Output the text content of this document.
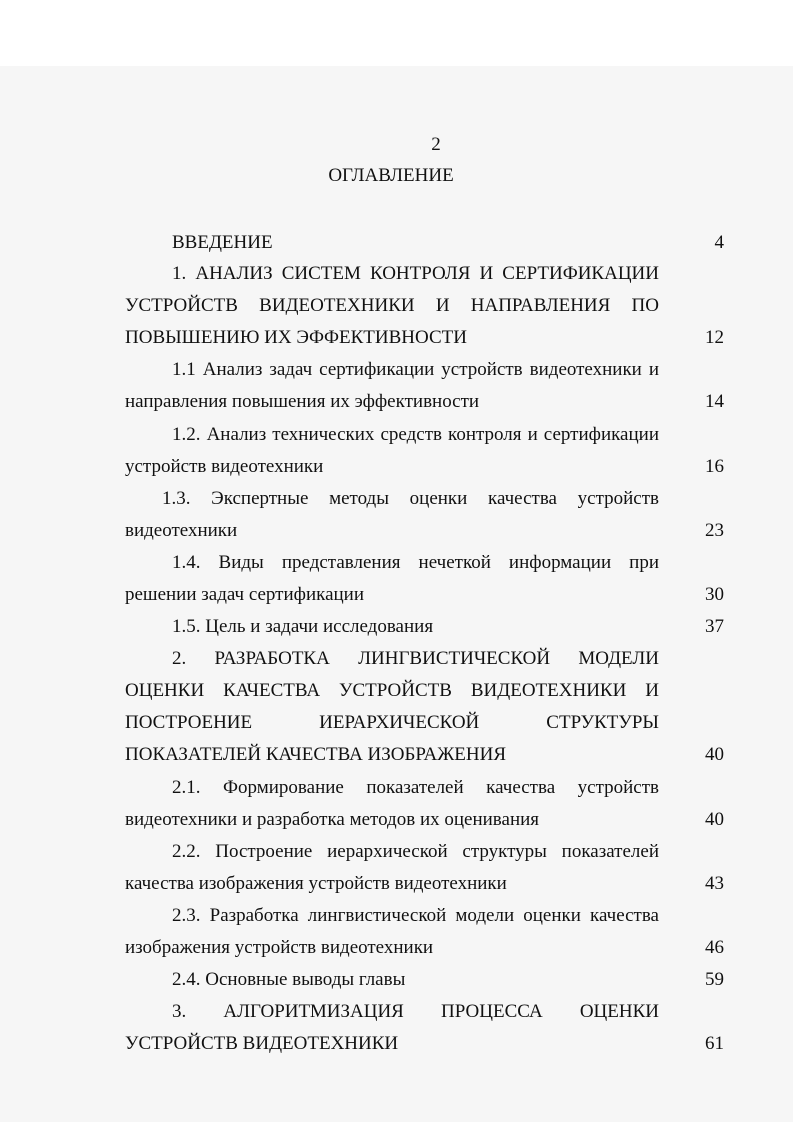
2
ОГЛАВЛЕНИЕ
ВВЕДЕНИЕ	4
1. АНАЛИЗ СИСТЕМ КОНТРОЛЯ И СЕРТИФИКАЦИИ
УСТРОЙСТВ ВИДЕОТЕХНИКИ И НАПРАВЛЕНИЯ ПО
ПОВЫШЕНИЮ ИХ ЭФФЕКТИВНОСТИ	12
1.1 Анализ задач сертификации устройств видеотехники и
направления повышения их эффективности	14
1.2. Анализ технических средств контроля и сертификации
устройств видеотехники	16
1.3. Экспертные методы оценки качества устройств
видеотехники	23
1.4. Виды представления нечеткой информации при
решении задач сертификации	30
1.5. Цель и задачи исследования	37
2. РАЗРАБОТКА ЛИНГВИСТИЧЕСКОЙ МОДЕЛИ
ОЦЕНКИ КАЧЕСТВА УСТРОЙСТВ ВИДЕОТЕХНИКИ И
ПОСТРОЕНИЕ ИЕРАРХИЧЕСКОЙ СТРУКТУРЫ
ПОКАЗАТЕЛЕЙ КАЧЕСТВА ИЗОБРАЖЕНИЯ	40
2.1. Формирование показателей качества устройств
видеотехники и разработка методов их оценивания	40
2.2. Построение иерархической структуры показателей
качества изображения устройств видеотехники	43
2.3. Разработка лингвистической модели оценки качества
изображения устройств видеотехники	46
2.4. Основные выводы главы	59
3. АЛГОРИТМИЗАЦИЯ ПРОЦЕССА ОЦЕНКИ
УСТРОЙСТВ ВИДЕОТЕХНИКИ	61
